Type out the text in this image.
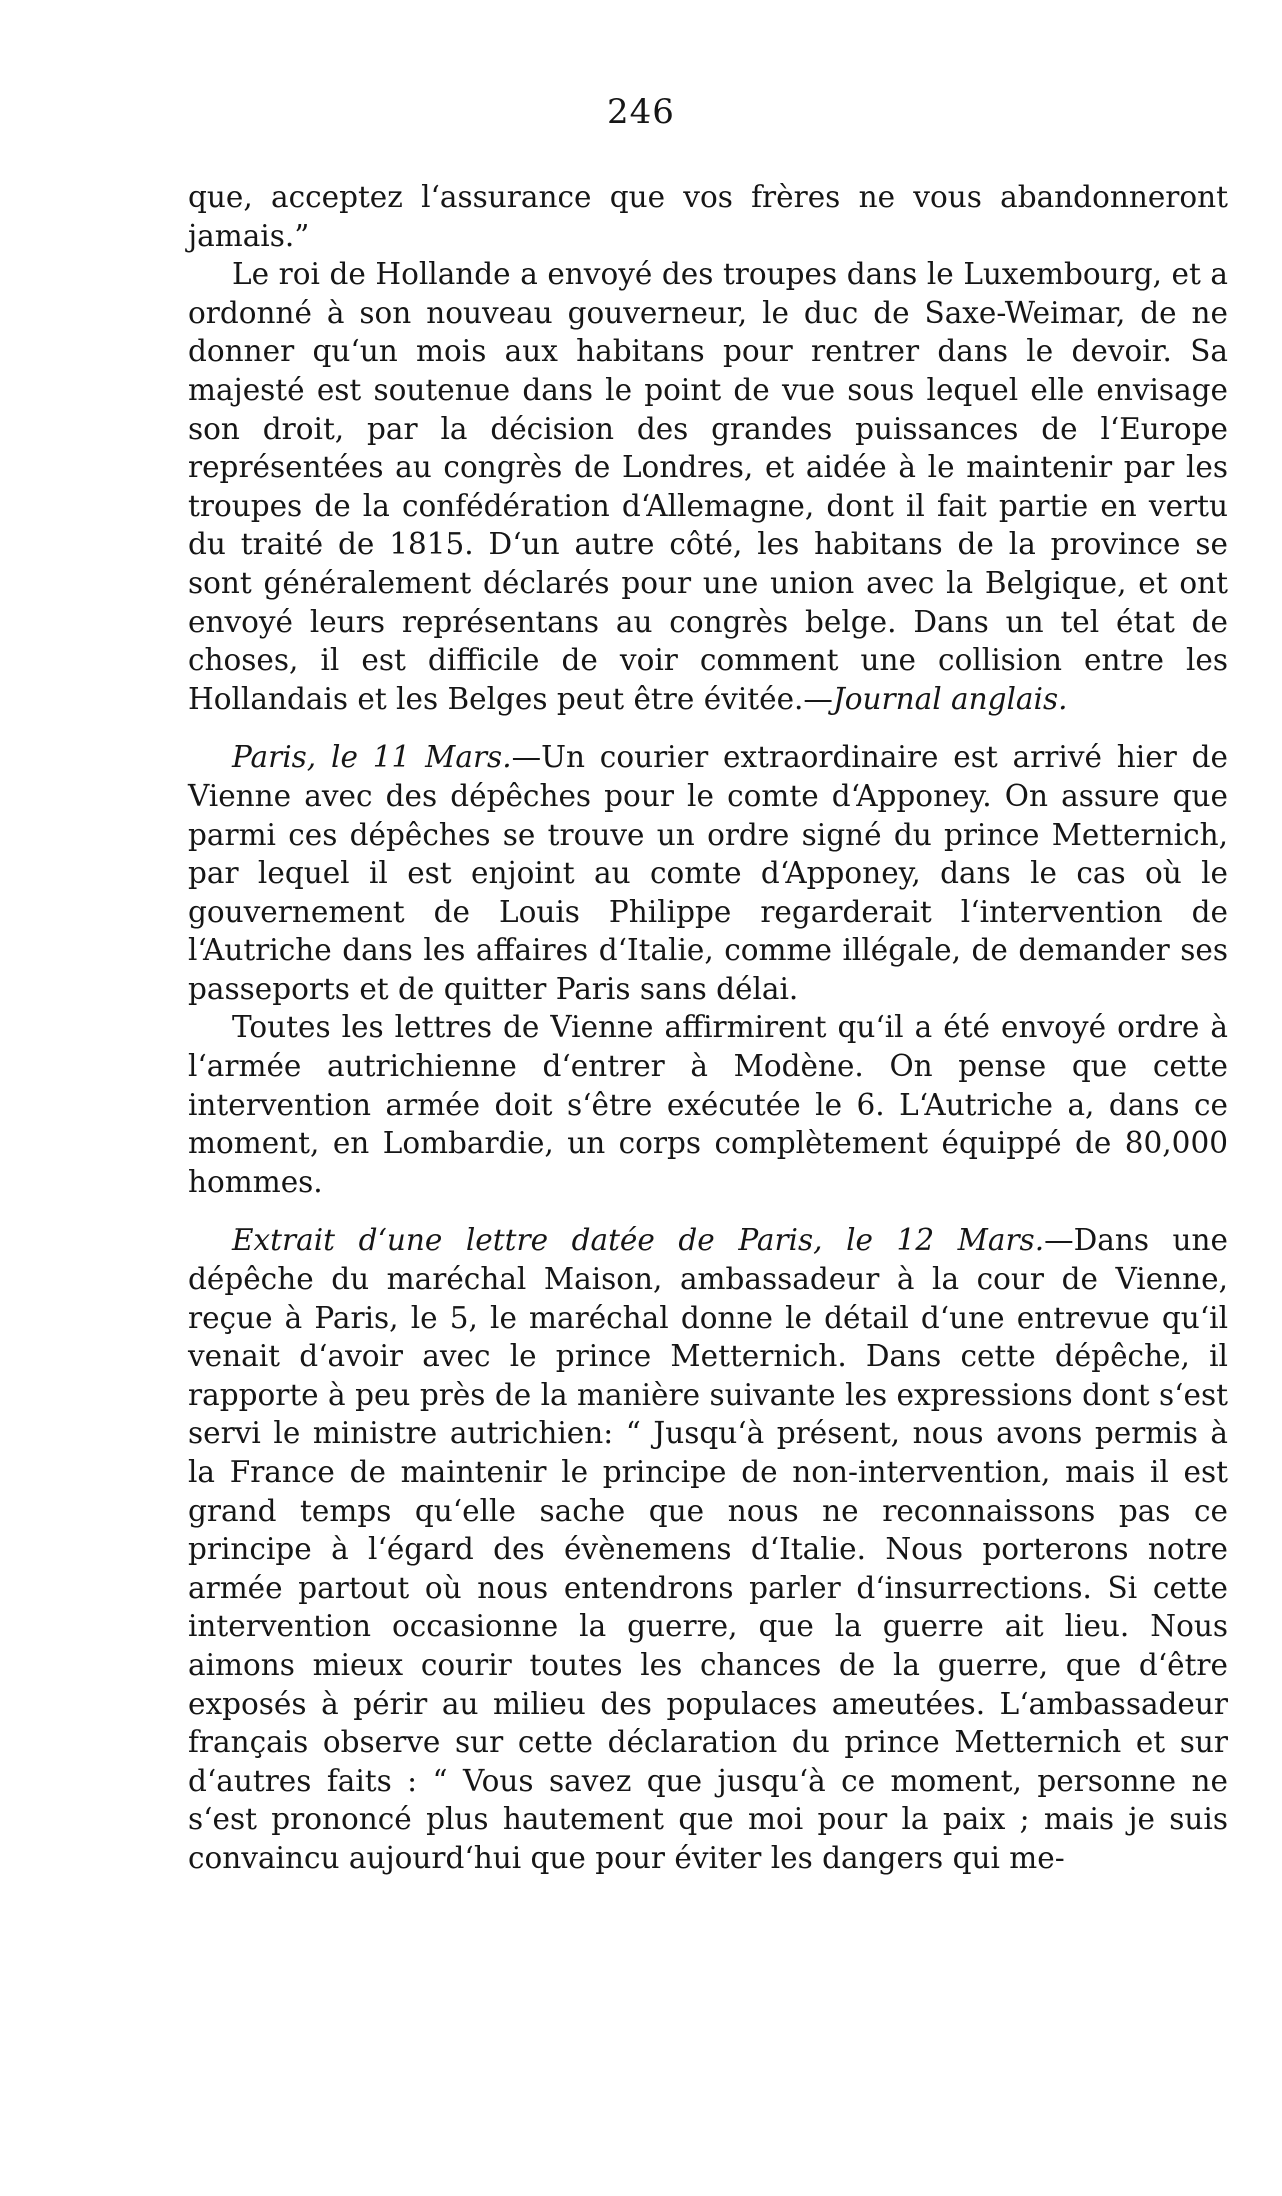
246

que, acceptez l‘assurance que vos frères ne vous abandonneront jamais.”

Le roi de Hollande a envoyé des troupes dans le Luxembourg, et a ordonné à son nouveau gouverneur, le duc de Saxe-Weimar, de ne donner qu‘un mois aux habitans pour rentrer dans le devoir. Sa majesté est soutenue dans le point de vue sous lequel elle envisage son droit, par la décision des grandes puissances de l‘Europe représentées au congrès de Londres, et aidée à le maintenir par les troupes de la confédération d‘Allemagne, dont il fait partie en vertu du traité de 1815. D‘un autre côté, les habitans de la province se sont généralement déclarés pour une union avec la Belgique, et ont envoyé leurs représentans au congrès belge. Dans un tel état de choses, il est difficile de voir comment une collision entre les Hollandais et les Belges peut être évitée.—Journal anglais.

Paris, le 11 Mars.—Un courier extraordinaire est arrivé hier de Vienne avec des dépêches pour le comte d‘Apponey. On assure que parmi ces dépêches se trouve un ordre signé du prince Metternich, par lequel il est enjoint au comte d‘Apponey, dans le cas où le gouvernement de Louis Philippe regarderait l‘intervention de l‘Autriche dans les affaires d‘Italie, comme illégale, de demander ses passeports et de quitter Paris sans délai.

Toutes les lettres de Vienne affirmirent qu‘il a été envoyé ordre à l‘armée autrichienne d‘entrer à Modène. On pense que cette intervention armée doit s‘être exécutée le 6. L‘Autriche a, dans ce moment, en Lombardie, un corps complètement équippé de 80,000 hommes.

Extrait d‘une lettre datée de Paris, le 12 Mars.—Dans une dépêche du maréchal Maison, ambassadeur à la cour de Vienne, reçue à Paris, le 5, le maréchal donne le détail d‘une entrevue qu‘il venait d‘avoir avec le prince Metternich. Dans cette dépêche, il rapporte à peu près de la manière suivante les expressions dont s‘est servi le ministre autrichien: “ Jusqu‘à présent, nous avons permis à la France de maintenir le principe de non-intervention, mais il est grand temps qu‘elle sache que nous ne reconnaissons pas ce principe à l‘égard des évènemens d‘Italie. Nous porterons notre armée partout où nous entendrons parler d‘insurrections. Si cette intervention occasionne la guerre, que la guerre ait lieu. Nous aimons mieux courir toutes les chances de la guerre, que d‘être exposés à périr au milieu des populaces ameutées. L‘ambassadeur français observe sur cette déclaration du prince Metternich et sur d‘autres faits : “ Vous savez que jusqu‘à ce moment, personne ne s‘est prononcé plus hautement que moi pour la paix ; mais je suis convaincu aujourd‘hui que pour éviter les dangers qui me-
